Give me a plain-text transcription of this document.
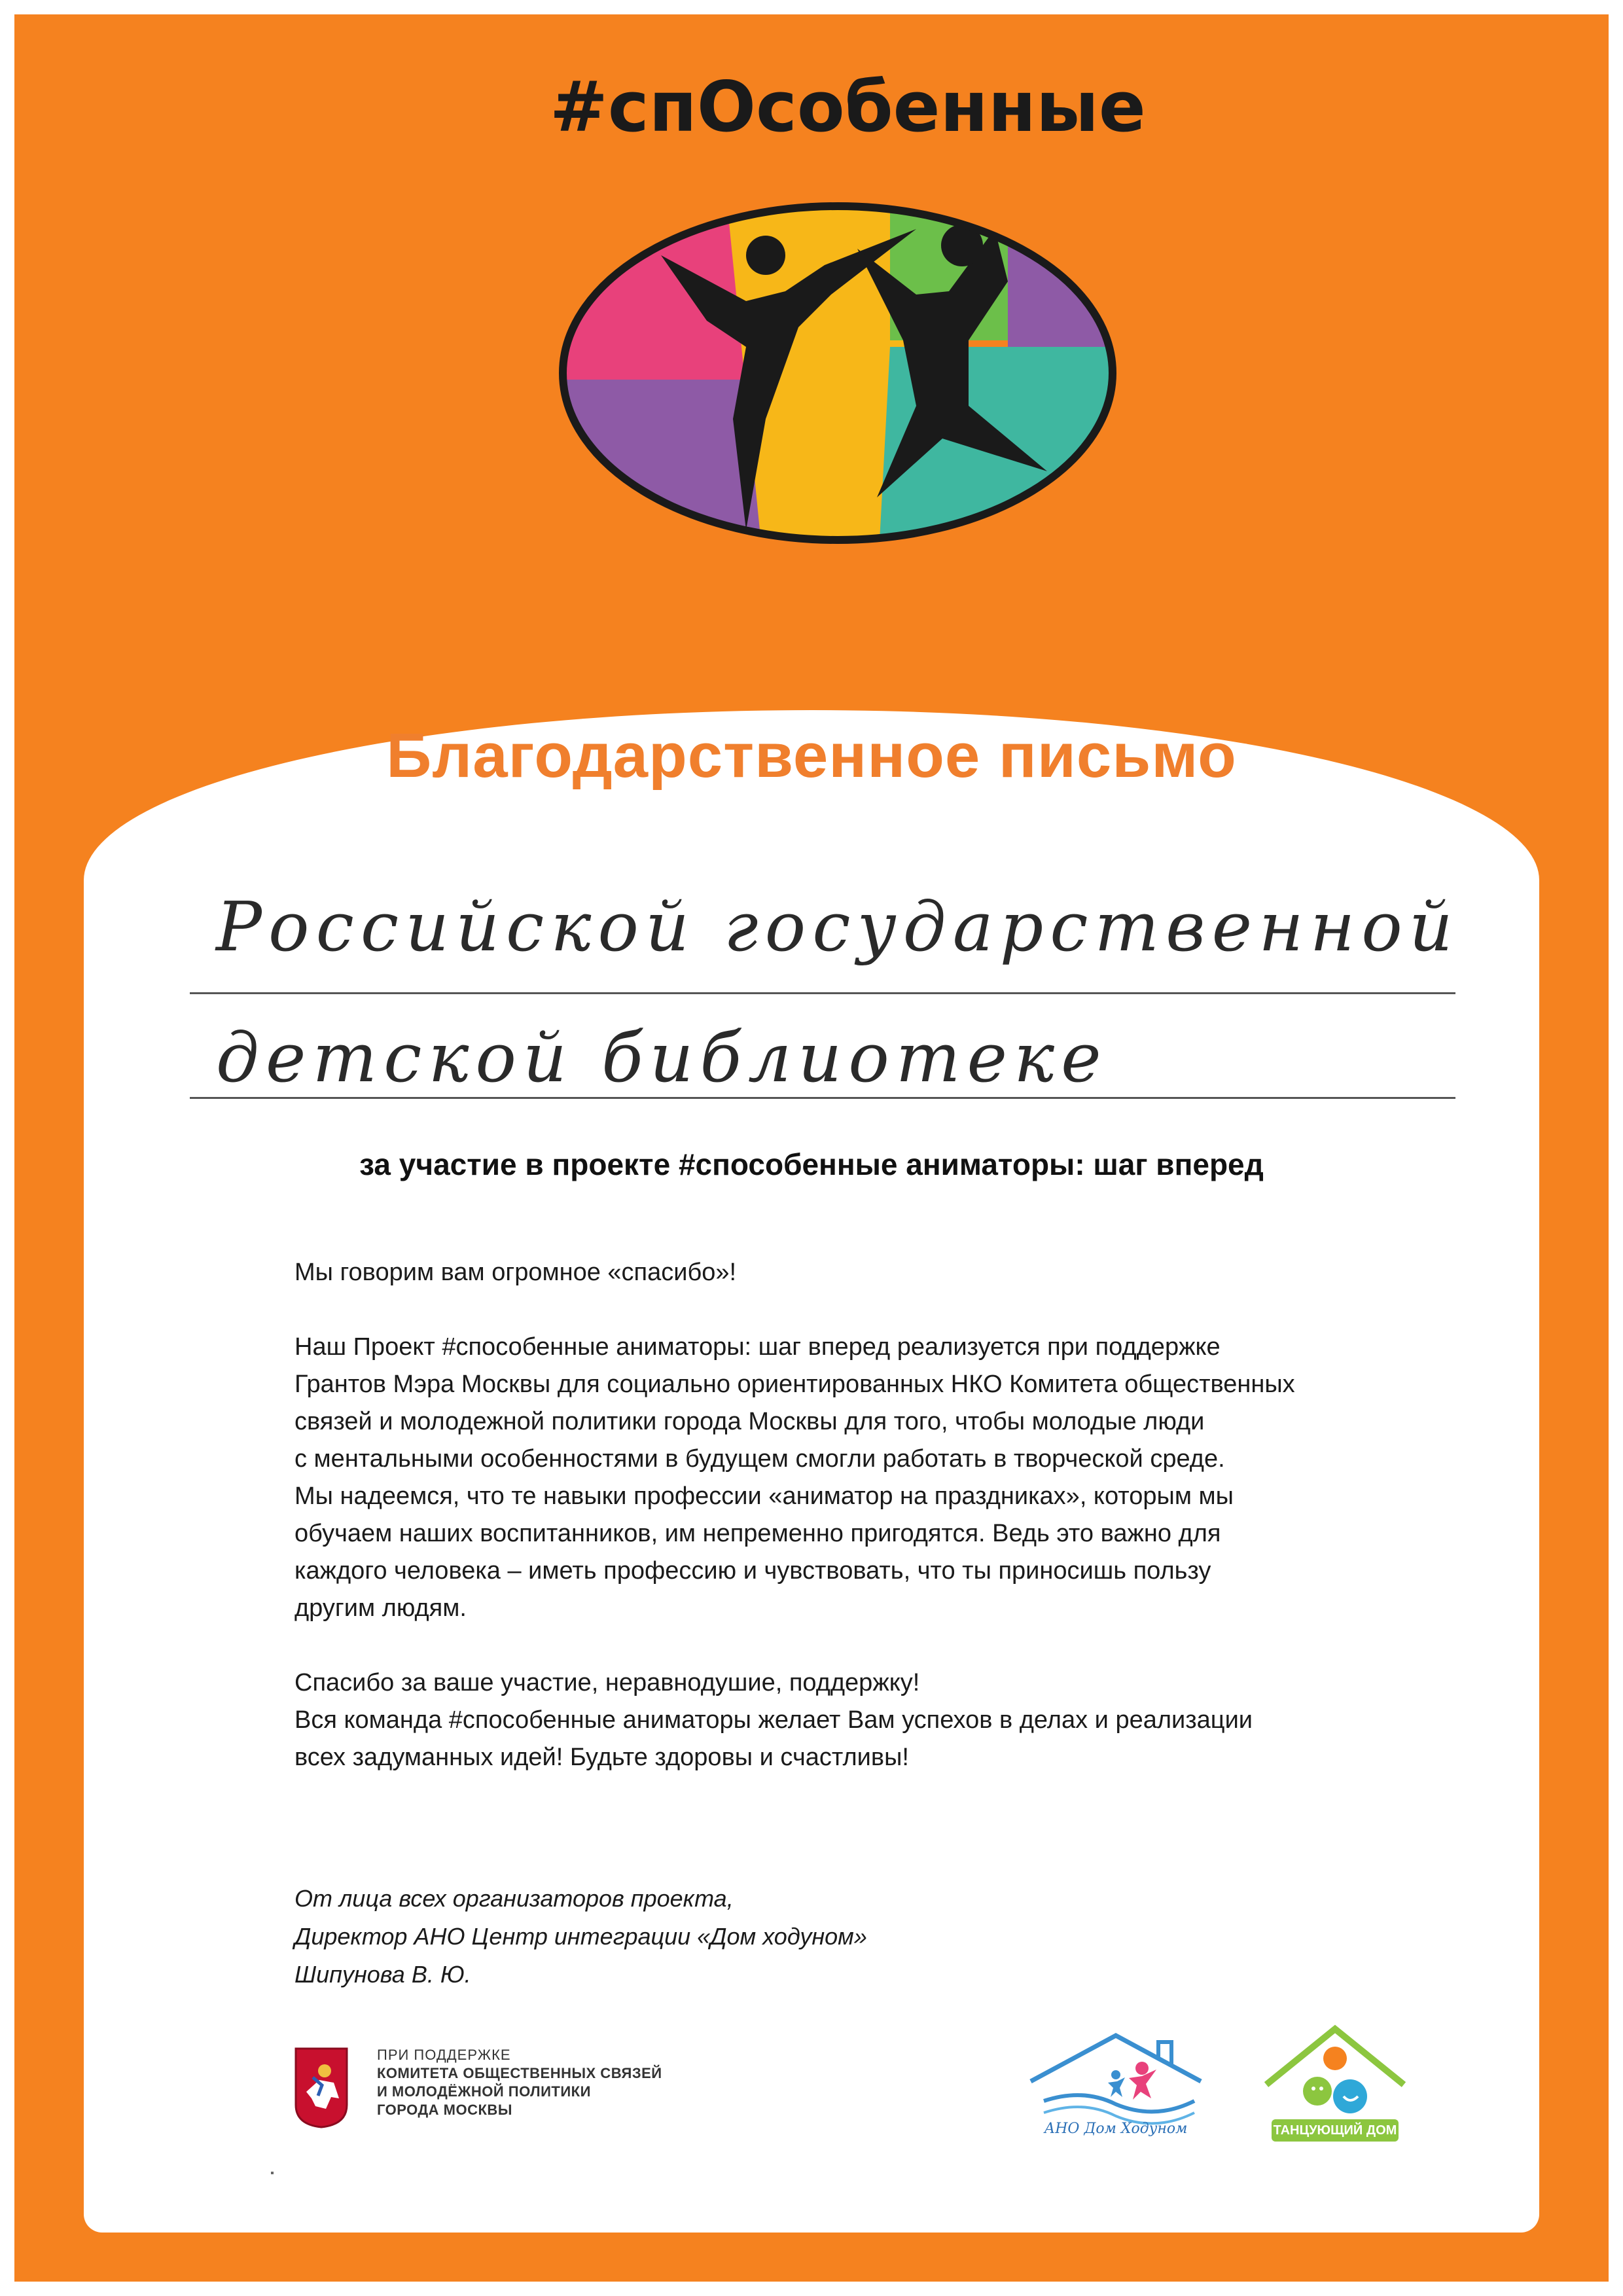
#спОсобенные
Благодарственное письмо
Российской государственной
детской библиотеке
за участие в проекте #способенные аниматоры: шаг вперед

Мы говорим вам огромное «спасибо»!

Наш Проект #способенные аниматоры: шаг вперед реализуется при поддержке

Грантов Мэра Москвы для социально ориентированных НКО Комитета общественных

связей и молодежной политики города Москвы для того, чтобы молодые люди

с ментальными особенностями в будущем смогли работать в творческой среде.

Мы надеемся, что те навыки профессии «аниматор на праздниках», которым мы

обучаем наших воспитанников, им непременно пригодятся. Ведь это важно для

каждого человека – иметь профессию и чувствовать, что ты приносишь пользу

другим людям.

Спасибо за ваше участие, неравнодушие, поддержку!

Вся команда #способенные аниматоры желает Вам успехов в делах и реализации

всех задуманных идей! Будьте здоровы и счастливы!

От лица всех организаторов проекта,

Директор АНО Центр интеграции «Дом ходуном»

Шипунова В. Ю.

ПРИ ПОДДЕРЖКЕ
КОМИТЕТА ОБЩЕСТВЕННЫХ СВЯЗЕЙ
И МОЛОДЁЖНОЙ ПОЛИТИКИ
ГОРОДА МОСКВЫ
АНО Дом Ходуном	ТАНЦУЮЩИЙ ДОМ
